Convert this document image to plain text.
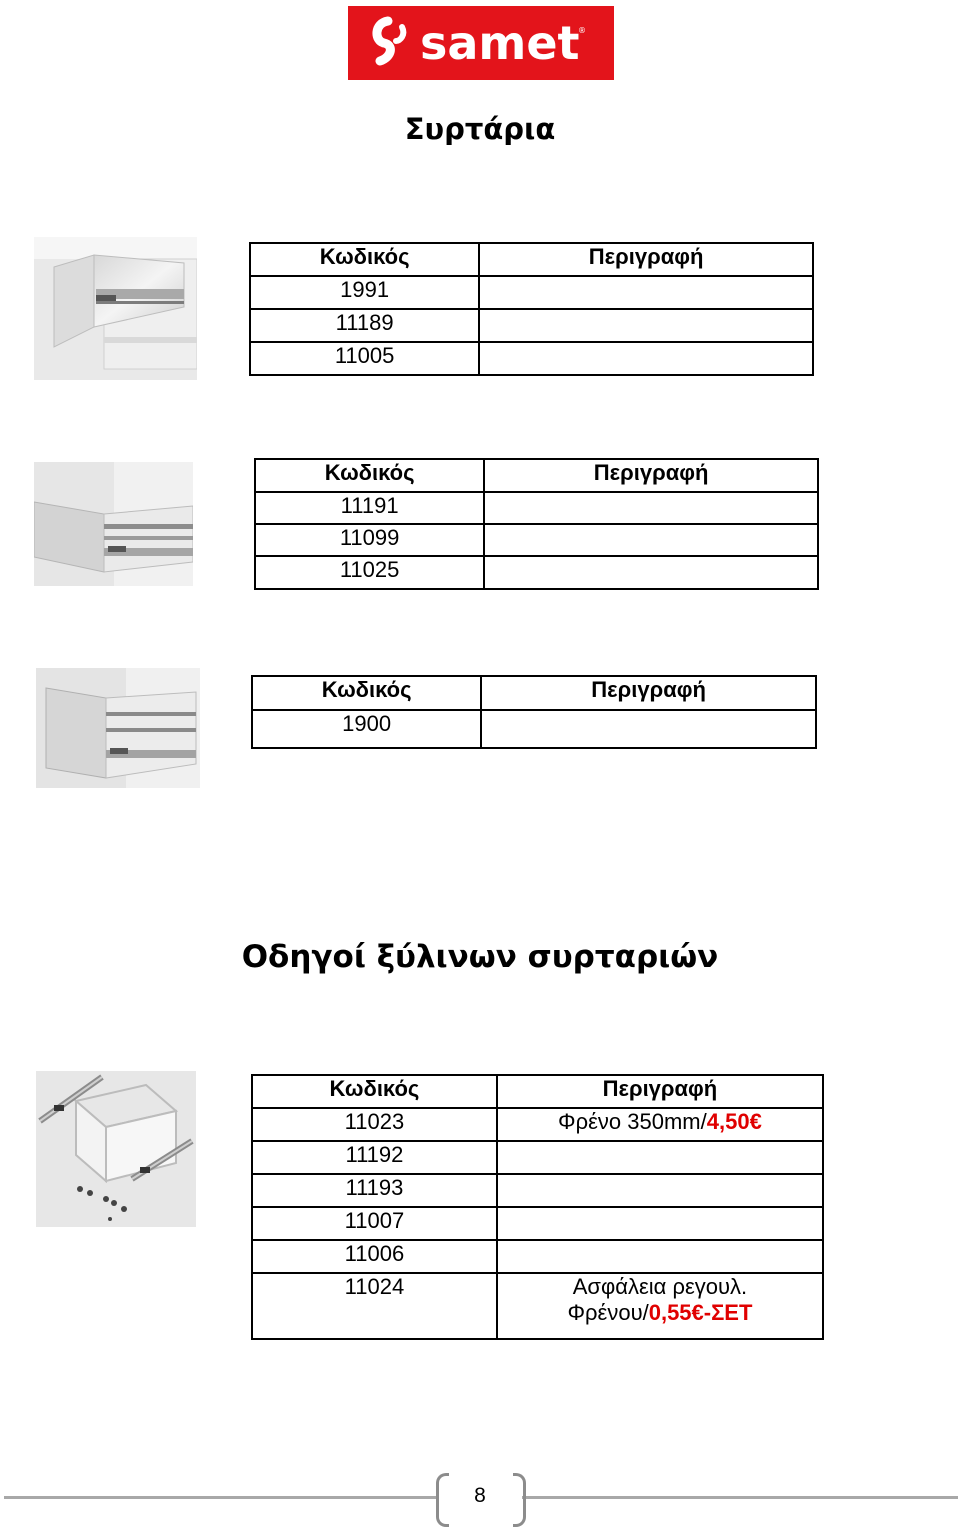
samet
®
Συρτάρια
Κωδικός	Περιγραφή
1991	
11189	
11005	
Κωδικός	Περιγραφή
11191	
11099	
11025	
Κωδικός	Περιγραφή
1900	
Οδηγοί ξύλινων συρταριών
Κωδικός	Περιγραφή
11023	Φρένο 350mm/4,50€
11192	
11193	
11007	
11006	
11024	Ασφάλεια ρεγουλ.
Φρένου/0,55€-ΣΕΤ
8
